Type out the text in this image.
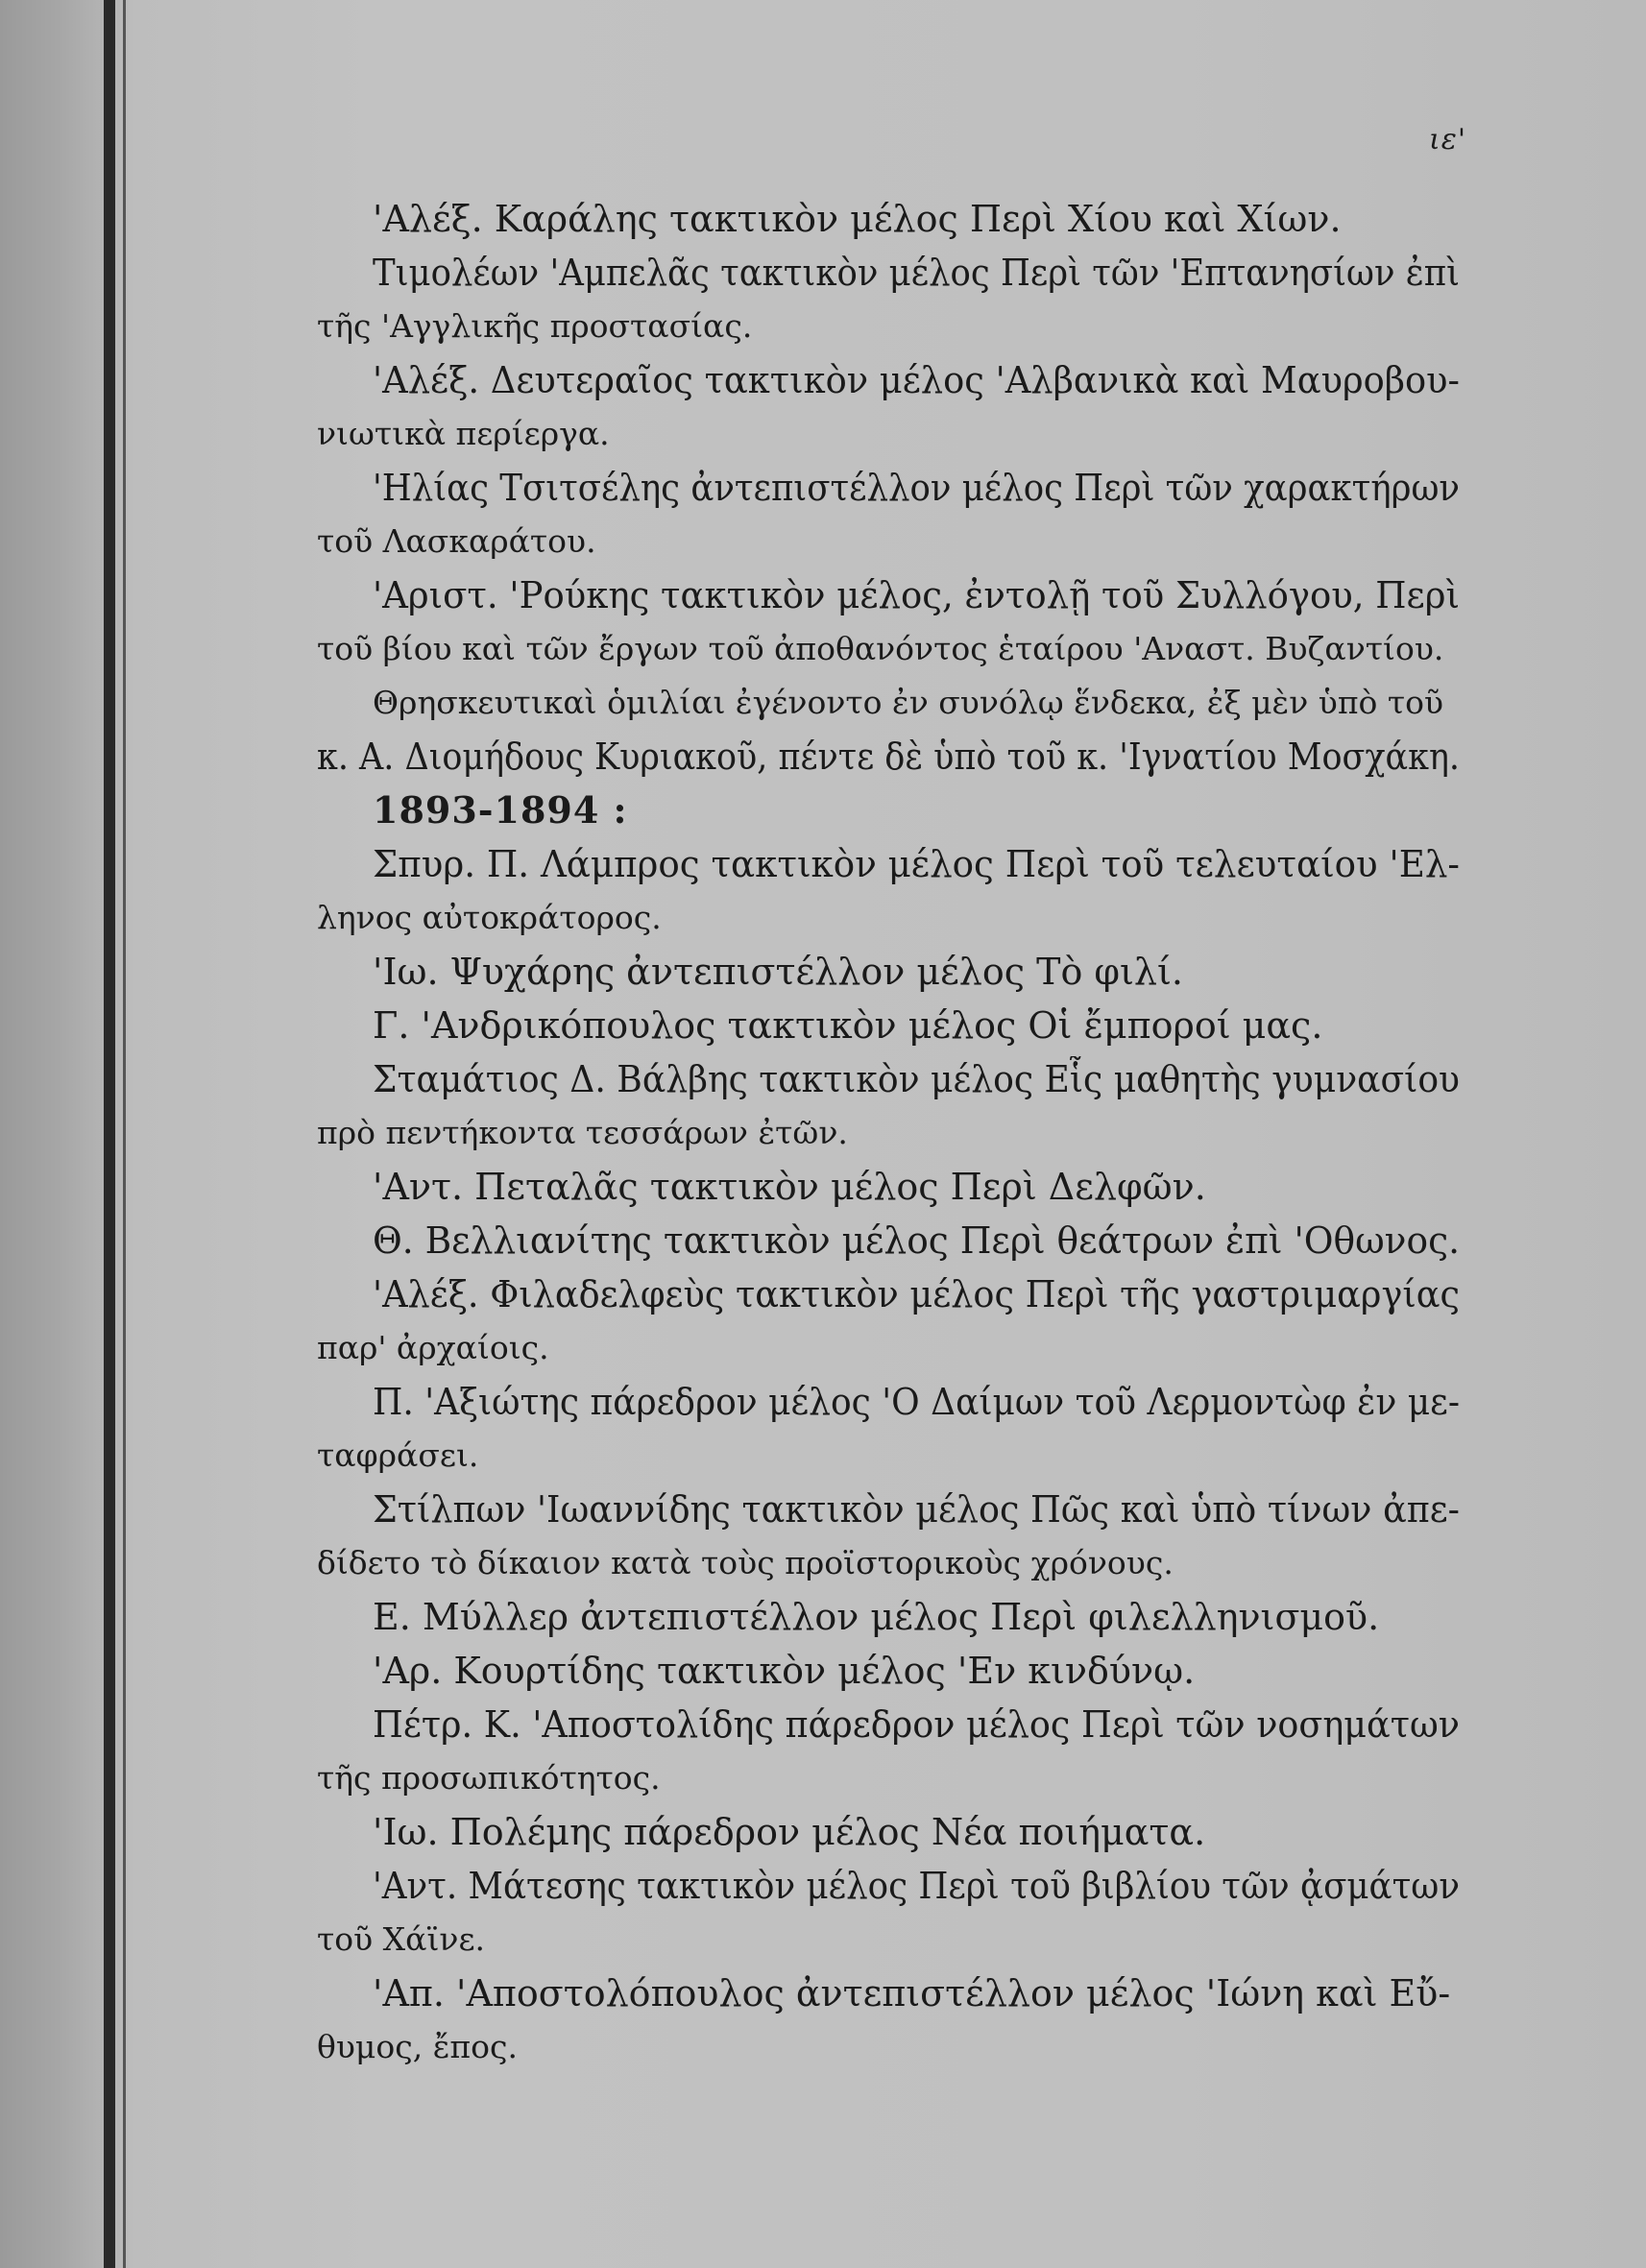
ιε'
'Αλέξ. Καράλης τακτικὸν μέλος Περὶ Χίου καὶ Χίων.
Τιμολέων 'Αμπελᾶς τακτικὸν μέλος Περὶ τῶν 'Επτανησίων ἐπὶ
τῆς 'Αγγλικῆς προστασίας.
'Αλέξ. Δευτεραῖος τακτικὸν μέλος 'Αλβανικὰ καὶ Μαυροβου-
νιωτικὰ περίεργα.
'Ηλίας Τσιτσέλης ἀντεπιστέλλον μέλος Περὶ τῶν χαρακτήρων
τοῦ Λασκαράτου.
'Αριστ. 'Ρούκης τακτικὸν μέλος, ἐντολῇ τοῦ Συλλόγου, Περὶ
τοῦ βίου καὶ τῶν ἔργων τοῦ ἀποθανόντος ἑταίρου 'Αναστ. Βυζαντίου.
Θρησκευτικαὶ ὁμιλίαι ἐγένοντο ἐν συνόλῳ ἕνδεκα, ἐξ μὲν ὑπὸ τοῦ
κ. Α. Διομήδους Κυριακοῦ, πέντε δὲ ὑπὸ τοῦ κ. 'Ιγνατίου Μοσχάκη.
1893-1894 :
Σπυρ. Π. Λάμπρος τακτικὸν μέλος Περὶ τοῦ τελευταίου 'Ελ-
ληνος αὐτοκράτορος.
'Ιω. Ψυχάρης ἀντεπιστέλλον μέλος Τὸ φιλί.
Γ. 'Ανδρικόπουλος τακτικὸν μέλος Οἱ ἔμποροί μας.
Σταμάτιος Δ. Βάλβης τακτικὸν μέλος Εἷς μαθητὴς γυμνασίου
πρὸ πεντήκοντα τεσσάρων ἐτῶν.
'Αντ. Πεταλᾶς τακτικὸν μέλος Περὶ Δελφῶν.
Θ. Βελλιανίτης τακτικὸν μέλος Περὶ θεάτρων ἐπὶ 'Οθωνος.
'Αλέξ. Φιλαδελφεὺς τακτικὸν μέλος Περὶ τῆς γαστριμαργίας
παρ' ἀρχαίοις.
Π. 'Αξιώτης πάρεδρον μέλος 'Ο Δαίμων τοῦ Λερμοντὼφ ἐν με-
ταφράσει.
Στίλπων 'Ιωαννίδης τακτικὸν μέλος Πῶς καὶ ὑπὸ τίνων ἀπε-
δίδετο τὸ δίκαιον κατὰ τοὺς προϊστορικοὺς χρόνους.
Ε. Μύλλερ ἀντεπιστέλλον μέλος Περὶ φιλελληνισμοῦ.
'Αρ. Κουρτίδης τακτικὸν μέλος 'Εν κινδύνῳ.
Πέτρ. Κ. 'Αποστολίδης πάρεδρον μέλος Περὶ τῶν νοσημάτων
τῆς προσωπικότητος.
'Ιω. Πολέμης πάρεδρον μέλος Νέα ποιήματα.
'Αντ. Μάτεσης τακτικὸν μέλος Περὶ τοῦ βιβλίου τῶν ᾀσμάτων
τοῦ Χάϊνε.
'Απ. 'Αποστολόπουλος ἀντεπιστέλλον μέλος 'Ιώνη καὶ Εὔ-
θυμος, ἔπος.
